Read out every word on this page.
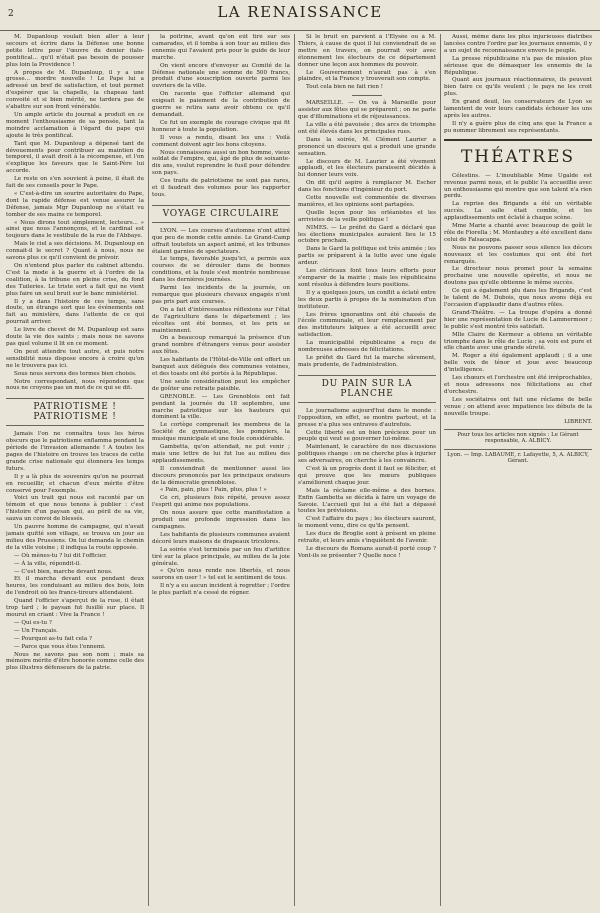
2	LA RENAISSANCE

M. Dupanloup voulait bien aller à leur secours et écrire dans la Défense une bonne petite lettre pour l'œuvre du denier italo-pontifical... qu'il n'était pas besoin de pousser plus loin la Providence !

A propos de M. Dupanloup, il y a une grosse... mordre nouvelle ! Le Pape lui a adressé un bref de satisfaction, et tout permet d'espérer que la chapelle, la chapeau tant convoité et si bien mérité, ne tardera pas de s'abattre sur son front vénérable.

Un ample article du journal a produit en ce moment l'enthousiasme de sa pensée, tant la moindre acclamation à l'égard du pape qui ajoute le très pontifical.

Tant que M. Dupanloup a dépensé tant de dévouements pour contribuer au maintien du temporel, il avait droit à la récompense, et l'on s'explique les faveurs que le Saint-Père lui accorde.

Le reste on s'en souvient à peine, il était du fait de ses conseils pour le Pape.

« C'est-à-dire un sourire autoritaire du Pape, dont la rapide défense est venue assurer la Défense, jamais Mgr Dupanloup ne s'était vu tomber de ses mains ce temporel.

« Nous dirons tout simplement, lecteurs... » ainsi que nous l'annonçons, et le cardinal est toujours dans le vestibule de la rue de l'Abbaye.

Mais le ciel a ses décisions. M. Dupanloup en connait-il le secret ? Quant à nous, nous ne savons plus ce qu'il convient de prévoir.

On n'entend plus parler du cabinet attendu. C'est la mode à la guerre et à l'ordre de la coalition, à la tribune en pleine crise, du fond des Tuileries. Le triste sort a fait qui ne vient plus faire un seul bruit sur le banc ministériel.

Il y a dans l'histoire de ces temps, sans doute, un étrange sort que les événements ont fait au ministère, dans l'attente de ce qui pourrait arriver.

Le livre de chevet de M. Dupanloup est sans doute la vie des saints ; mais nous ne savons pas quel volume il lit en ce moment.

On peut attendre tout autre, et puis notre sensibilité nous dispose encore à croire qu'on ne le trouvera pas ici.

Sous nous servons des termes bien choisis.

Notre correspondant, nous répondons que nous ne croyons pas un mot de ce qui se dit.

PATRIOTISME ! PATRIOTISME !

Jamais l'on ne connaîtra tous les héros obscurs que le patriotisme enflamma pendant la période de l'invasion allemande ! A toutes les pages de l'histoire on trouve les traces de cette grande crise nationale qui étonnera les temps futurs.

Il y a là plus de souvenirs qu'on ne pourrait en recueillir, et chacun d'eux mérite d'être conservé pour l'exemple.

Voici un trait qui nous est raconté par un témoin et que nous tenons à publier : c'est l'histoire d'un paysan qui, au péril de sa vie, sauva un convoi de blessés.

Un pauvre homme de campagne, qui n'avait jamais quitté son village, se trouva un jour au milieu des Prussiens. On lui demanda le chemin de la ville voisine ; il indiqua la route opposée.

— Où mènes-tu ? lui dit l'officier.

— À la ville, répondit-il.

— C'est bien, marche devant nous.

Et il marcha devant eux pendant deux heures, les conduisant au milieu des bois, loin de l'endroit où les francs-tireurs attendaient.

Quand l'officier s'aperçut de la ruse, il était trop tard ; le paysan fut fusillé sur place. Il mourut en criant : Vive la France !

— Qui es-tu ?

— Un Français.

— Pourquoi as-tu fait cela ?

— Parce que vous êtes l'ennemi.

Nous ne savons pas son nom ; mais sa mémoire mérite d'être honorée comme celle des plus illustres défenseurs de la patrie.

la poitrine, avant qu'on eût tiré sur ses camarades, et il tomba à son tour au milieu des ennemis qui l'avaient pris pour le guide de leur marche.

On vient encore d'envoyer au Comité de la Défense nationale une somme de 500 francs, produit d'une souscription ouverte parmi les ouvriers de la ville.

On raconte que l'officier allemand qui exigeait le paiement de la contribution de guerre se retira sans avoir obtenu ce qu'il demandait.

Ce fut un exemple de courage civique qui fit honneur à toute la population.

Il vous a rendu, disant les uns : Voilà comment doivent agir les bons citoyens.

Nous connaissons aussi un bon homme, vieux soldat de l'empire, qui, âgé de plus de soixante-dix ans, voulut reprendre le fusil pour défendre son pays.

Ces traits de patriotisme ne sont pas rares, et il faudrait des volumes pour les rapporter tous.

VOYAGE CIRCULAIRE

LYON. — Les courses d'automne n'ont attiré que peu de monde cette année. Le Grand-Camp offrait toutefois un aspect animé, et les tribunes étaient garnies de spectateurs.

Le temps, favorable jusqu'ici, a permis aux courses de se dérouler dans de bonnes conditions, et la foule s'est montrée nombreuse dans les dernières journées.

Parmi les incidents de la journée, on remarque que plusieurs chevaux engagés n'ont pas pris part aux courses.

On a fait d'intéressantes réflexions sur l'état de l'agriculture dans le département ; les récoltes ont été bonnes, et les prix se maintiennent.

On a beaucoup remarqué la présence d'un grand nombre d'étrangers venus pour assister aux fêtes.

Les habitants de l'Hôtel-de-Ville ont offert un banquet aux délégués des communes voisines, et des toasts ont été portés à la République.

Une seule considération peut les empêcher de goûter une retraite paisible.

GRENOBLE. — Les Grenoblois ont fait pendant la journée du 18 septembre, une marche patriotique sur les hauteurs qui dominent la ville.

Le cortège comprenait les membres de la Société de gymnastique, les pompiers, la musique municipale et une foule considérable.

Gambetta, qu'on attendait, ne put venir ; mais une lettre de lui fut lue au milieu des applaudissements.

Il conviendrait de mentionner aussi les discours prononcés par les principaux orateurs de la démocratie grenobloise.

« Pain, pain, plus ! Pain, plus, plus ! »

Ce cri, plusieurs fois répété, prouve assez l'esprit qui anime nos populations.

On nous assure que cette manifestation a produit une profonde impression dans les campagnes.

Les habitants de plusieurs communes avaient décoré leurs maisons de drapeaux tricolores.

La soirée s'est terminée par un feu d'artifice tiré sur la place principale, au milieu de la joie générale.

« Qu'on nous rende nos libertés, et nous saurons en user ! » tel est le sentiment de tous.

Il n'y a eu aucun incident à regretter ; l'ordre le plus parfait n'a cessé de régner.

Si le bruit en parvient à l'Élysée ou à M. Thiers, à cause de quoi il lui conviendrait de se mettre en travers, on pourrait voir avec étonnement les électeurs de ce département donner une leçon aux hommes du pouvoir.

Le Gouvernement n'aurait pas à s'en plaindre, et la France y trouverait son compte.

Tout cela bien ne fait rien !

MARSEILLE. — On va à Marseille pour assister aux fêtes qui se préparent ; on ne parle que d'illuminations et de réjouissances.

La ville a été pavoisée ; des arcs de triomphe ont été élevés dans les principales rues.

Dans la soirée, M. Clément Laurier a prononcé un discours qui a produit une grande sensation.

Le discours de M. Laurier a été vivement applaudi, et les électeurs paraissent décidés à lui donner leurs voix.

On dit qu'il aspire à remplacer M. Escher dans les fonctions d'ingénieur du port.

Cette nouvelle est commentée de diverses manières, et les opinions sont partagées.

Quelle leçon pour les orléanistes et les arrivistes de la veille politique !

NIMES. — Le préfet du Gard a déclaré que les élections municipales auraient lieu le 15 octobre prochain.

Dans le Gard la politique est très animée ; les partis se préparent à la lutte avec une égale ardeur.

Les cléricaux font tous leurs efforts pour s'emparer de la mairie ; mais les républicains sont résolus à défendre leurs positions.

Il y a quelques jours, un conflit a éclaté entre les deux partis à propos de la nomination d'un instituteur.

Les frères ignorantins ont été chassés de l'école communale, et leur remplacement par des instituteurs laïques a été accueilli avec satisfaction.

La municipalité républicaine a reçu de nombreuses adresses de félicitations.

Le préfet du Gard fut la marche sûrement, mais prudente, de l'administration.

DU PAIN SUR LA PLANCHE

Le journalisme aujourd'hui dans le monde : l'opposition, en effet, se montre partout, et la presse n'a plus ses entraves d'autrefois.

Cette liberté est un bien précieux pour un peuple qui veut se gouverner lui-même.

Maintenant, le caractère de nos discussions politiques change : on ne cherche plus à injurier ses adversaires, on cherche à les convaincre.

C'est là un progrès dont il faut se féliciter, et qui prouve que les mœurs publiques s'améliorent chaque jour.

Mais la réclame elle-même a des bornes. Enfin Gambetta se décida à faire un voyage de Savoie. L'accueil qui lui a été fait a dépassé toutes les prévisions.

C'est l'affaire du pays ; les électeurs sauront, le moment venu, dire ce qu'ils pensent.

Les ducs de Broglie sont à présent en pleine retraite, et leurs amis s'inquiètent de l'avenir.

Le discours de Romans aurait-il porté coup ? Vont-ils se présenter ? Quelle noce !

Aussi, même dans les plus injurieuses diatribes lancées contre l'ordre par les journaux ennemis, il y a un sujet de reconnaissance envers le peuple.

La presse républicaine n'a pas de mission plus sérieuse que de démasquer les ennemis de la République.

Quant aux journaux réactionnaires, ils peuvent bien faire ce qu'ils veulent ; le pays ne les croit plus.

En grand deuil, les conservateurs de Lyon se lamentent de voir leurs candidats échouer les uns après les autres.

Il n'y a guère plus de cinq ans que la France a pu nommer librement ses représentants.

THÉATRES

Célestins. — L'inoubliable Mme Ugalde est revenue parmi nous, et le public l'a accueillie avec un enthousiasme qui montre que son talent n'a rien perdu.

La reprise des Brigands a été un véritable succès. La salle était comble, et les applaudissements ont éclaté à chaque scène.

Mme Marie a chanté avec beaucoup de goût le rôle de Fiorella ; M. Montaubry a été excellent dans celui de Falsacappa.

Nous ne pouvons passer sous silence les décors nouveaux et les costumes qui ont été fort remarqués.

Le directeur nous promet pour la semaine prochaine une nouvelle opérette, et nous ne doutons pas qu'elle obtienne le même succès.

Ce qui a également plu dans les Brigands, c'est le talent de M. Dubois, que nous avons déjà eu l'occasion d'applaudir dans d'autres rôles.

Grand-Théâtre. — La troupe d'opéra a donné hier une représentation de Lucie de Lammermoor ; le public s'est montré très satisfait.

Mlle Claire de Kermeur a obtenu un véritable triomphe dans le rôle de Lucie ; sa voix est pure et elle chante avec une grande sûreté.

M. Roger a été également applaudi ; il a une belle voix de ténor et joue avec beaucoup d'intelligence.

Les chœurs et l'orchestre ont été irréprochables, et nous adressons nos félicitations au chef d'orchestre.

Les sociétaires ont fait une réclame de belle venue ; on attend avec impatience les débuts de la nouvelle troupe.

LIBRENT.
Pour tous les articles non signés : Le Gérant responsable, A. ALBICY.
Lyon. — Imp. LABAUME, r. Lafayette, 5, A. ALBICY, Gérant.
